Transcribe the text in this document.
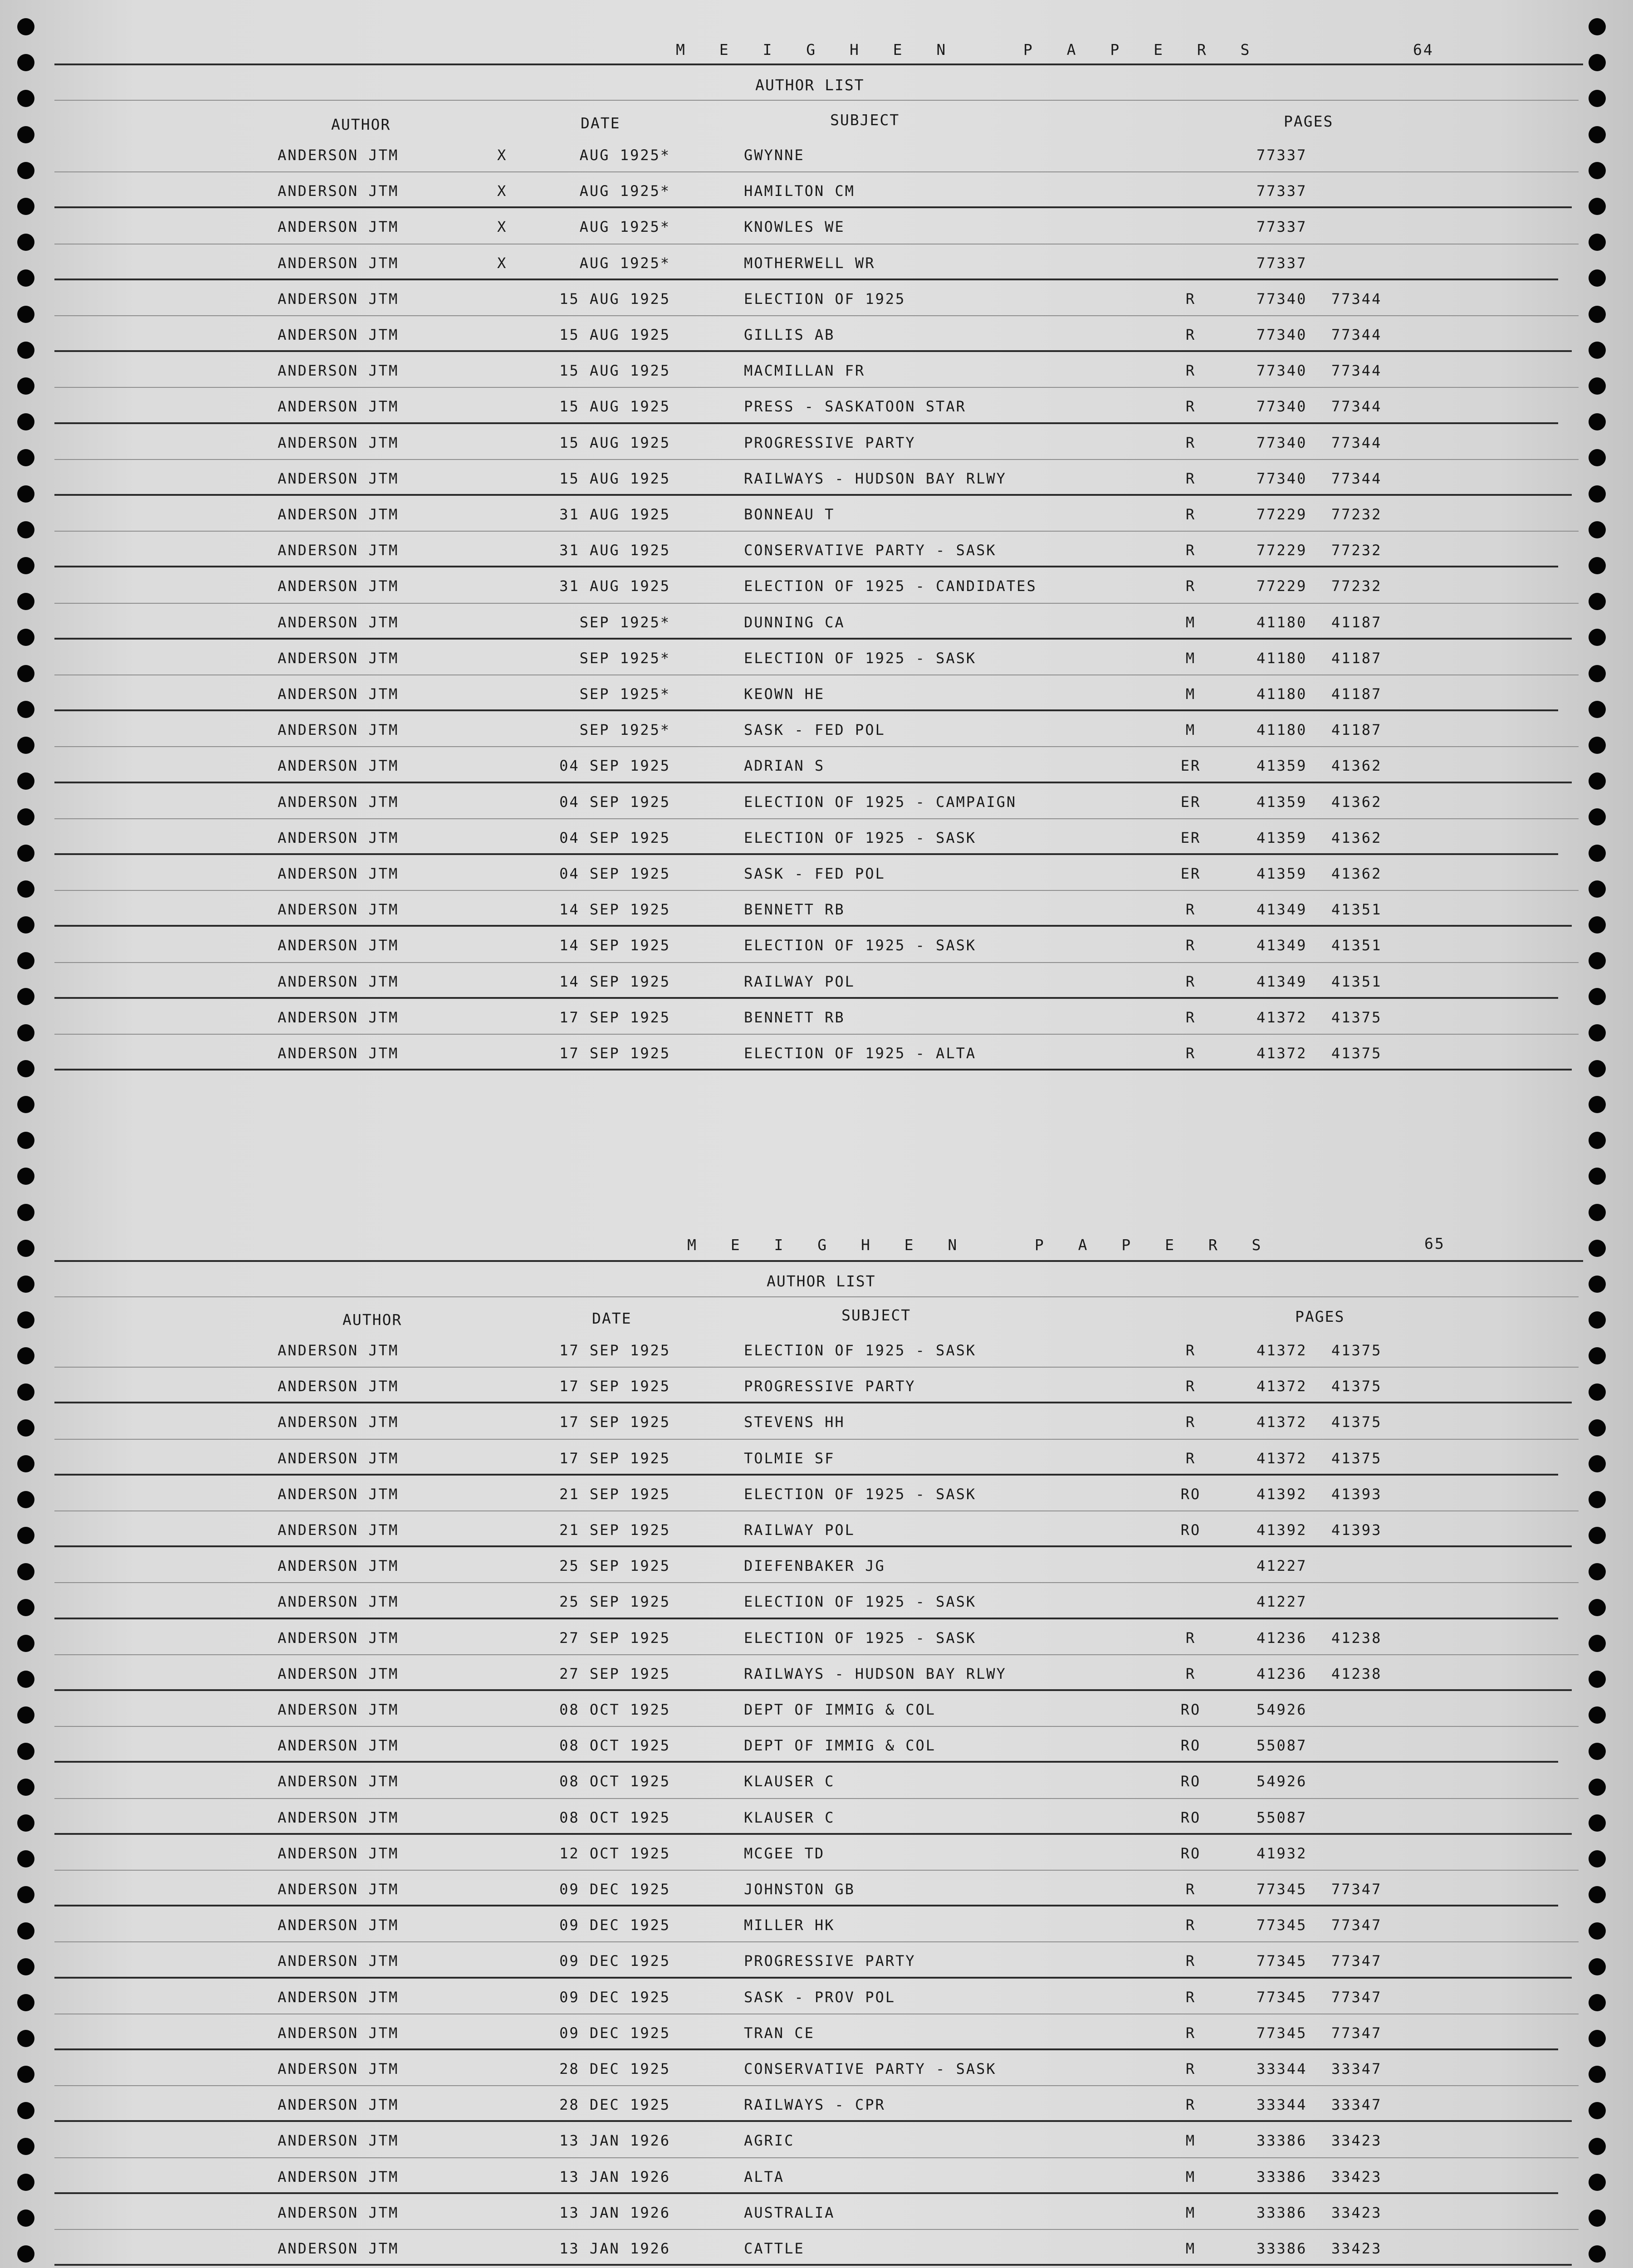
M E I G H E N   P A P E R S	64
AUTHOR LIST
AUTHOR	DATE	SUBJECT	PAGES
ANDERSON JTM	X	AUG 1925*	GWYNNE	77337
ANDERSON JTM	X	AUG 1925*	HAMILTON CM	77337
ANDERSON JTM	X	AUG 1925*	KNOWLES WE	77337
ANDERSON JTM	X	AUG 1925*	MOTHERWELL WR	77337
ANDERSON JTM	15 AUG 1925	ELECTION OF 1925	R	77340 77344
ANDERSON JTM	15 AUG 1925	GILLIS AB	R	77340 77344
ANDERSON JTM	15 AUG 1925	MACMILLAN FR	R	77340 77344
ANDERSON JTM	15 AUG 1925	PRESS - SASKATOON STAR	R	77340 77344
ANDERSON JTM	15 AUG 1925	PROGRESSIVE PARTY	R	77340 77344
ANDERSON JTM	15 AUG 1925	RAILWAYS - HUDSON BAY RLWY	R	77340 77344
ANDERSON JTM	31 AUG 1925	BONNEAU T	R	77229 77232
ANDERSON JTM	31 AUG 1925	CONSERVATIVE PARTY - SASK	R	77229 77232
ANDERSON JTM	31 AUG 1925	ELECTION OF 1925 - CANDIDATES	R	77229 77232
ANDERSON JTM	SEP 1925*	DUNNING CA	M	41180 41187
ANDERSON JTM	SEP 1925*	ELECTION OF 1925 - SASK	M	41180 41187
ANDERSON JTM	SEP 1925*	KEOWN HE	M	41180 41187
ANDERSON JTM	SEP 1925*	SASK - FED POL	M	41180 41187
ANDERSON JTM	04 SEP 1925	ADRIAN S	ER	41359 41362
ANDERSON JTM	04 SEP 1925	ELECTION OF 1925 - CAMPAIGN	ER	41359 41362
ANDERSON JTM	04 SEP 1925	ELECTION OF 1925 - SASK	ER	41359 41362
ANDERSON JTM	04 SEP 1925	SASK - FED POL	ER	41359 41362
ANDERSON JTM	14 SEP 1925	BENNETT RB	R	41349 41351
ANDERSON JTM	14 SEP 1925	ELECTION OF 1925 - SASK	R	41349 41351
ANDERSON JTM	14 SEP 1925	RAILWAY POL	R	41349 41351
ANDERSON JTM	17 SEP 1925	BENNETT RB	R	41372 41375
ANDERSON JTM	17 SEP 1925	ELECTION OF 1925 - ALTA	R	41372 41375
M E I G H E N   P A P E R S	65
AUTHOR LIST
AUTHOR	DATE	SUBJECT	PAGES
ANDERSON JTM	17 SEP 1925	ELECTION OF 1925 - SASK	R	41372 41375
ANDERSON JTM	17 SEP 1925	PROGRESSIVE PARTY	R	41372 41375
ANDERSON JTM	17 SEP 1925	STEVENS HH	R	41372 41375
ANDERSON JTM	17 SEP 1925	TOLMIE SF	R	41372 41375
ANDERSON JTM	21 SEP 1925	ELECTION OF 1925 - SASK	RO	41392 41393
ANDERSON JTM	21 SEP 1925	RAILWAY POL	RO	41392 41393
ANDERSON JTM	25 SEP 1925	DIEFENBAKER JG	41227
ANDERSON JTM	25 SEP 1925	ELECTION OF 1925 - SASK	41227
ANDERSON JTM	27 SEP 1925	ELECTION OF 1925 - SASK	R	41236 41238
ANDERSON JTM	27 SEP 1925	RAILWAYS - HUDSON BAY RLWY	R	41236 41238
ANDERSON JTM	08 OCT 1925	DEPT OF IMMIG & COL	RO	54926
ANDERSON JTM	08 OCT 1925	DEPT OF IMMIG & COL	RO	55087
ANDERSON JTM	08 OCT 1925	KLAUSER C	RO	54926
ANDERSON JTM	08 OCT 1925	KLAUSER C	RO	55087
ANDERSON JTM	12 OCT 1925	MCGEE TD	RO	41932
ANDERSON JTM	09 DEC 1925	JOHNSTON GB	R	77345 77347
ANDERSON JTM	09 DEC 1925	MILLER HK	R	77345 77347
ANDERSON JTM	09 DEC 1925	PROGRESSIVE PARTY	R	77345 77347
ANDERSON JTM	09 DEC 1925	SASK - PROV POL	R	77345 77347
ANDERSON JTM	09 DEC 1925	TRAN CE	R	77345 77347
ANDERSON JTM	28 DEC 1925	CONSERVATIVE PARTY - SASK	R	33344 33347
ANDERSON JTM	28 DEC 1925	RAILWAYS - CPR	R	33344 33347
ANDERSON JTM	13 JAN 1926	AGRIC	M	33386 33423
ANDERSON JTM	13 JAN 1926	ALTA	M	33386 33423
ANDERSON JTM	13 JAN 1926	AUSTRALIA	M	33386 33423
ANDERSON JTM	13 JAN 1926	CATTLE	M	33386 33423
